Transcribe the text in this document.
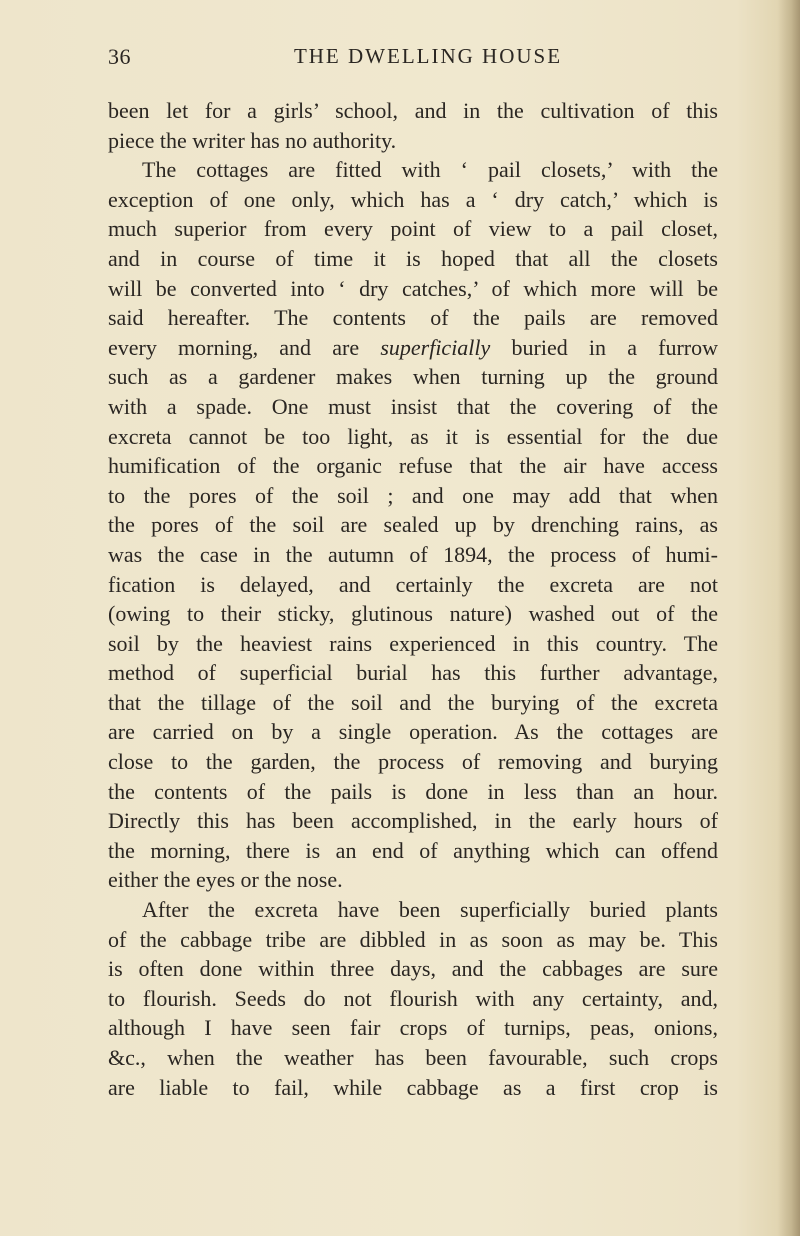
36	THE DWELLING HOUSE
been let for a girls’ school, and in the cultivation of this
piece the writer has no authority.
The cottages are fitted with ‘ pail closets,’ with the
exception of one only, which has a ‘ dry catch,’ which is
much superior from every point of view to a pail closet,
and in course of time it is hoped that all the closets
will be converted into ‘ dry catches,’ of which more will be
said hereafter. The contents of the pails are removed
every morning, and are superficially buried in a furrow
such as a gardener makes when turning up the ground
with a spade. One must insist that the covering of the
excreta cannot be too light, as it is essential for the due
humification of the organic refuse that the air have access
to the pores of the soil ; and one may add that when
the pores of the soil are sealed up by drenching rains, as
was the case in the autumn of 1894, the process of humi-
fication is delayed, and certainly the excreta are not
(owing to their sticky, glutinous nature) washed out of the
soil by the heaviest rains experienced in this country. The
method of superficial burial has this further advantage,
that the tillage of the soil and the burying of the excreta
are carried on by a single operation. As the cottages are
close to the garden, the process of removing and burying
the contents of the pails is done in less than an hour.
Directly this has been accomplished, in the early hours of
the morning, there is an end of anything which can offend
either the eyes or the nose.
After the excreta have been superficially buried plants
of the cabbage tribe are dibbled in as soon as may be. This
is often done within three days, and the cabbages are sure
to flourish. Seeds do not flourish with any certainty, and,
although I have seen fair crops of turnips, peas, onions,
&c., when the weather has been favourable, such crops
are liable to fail, while cabbage as a first crop is
